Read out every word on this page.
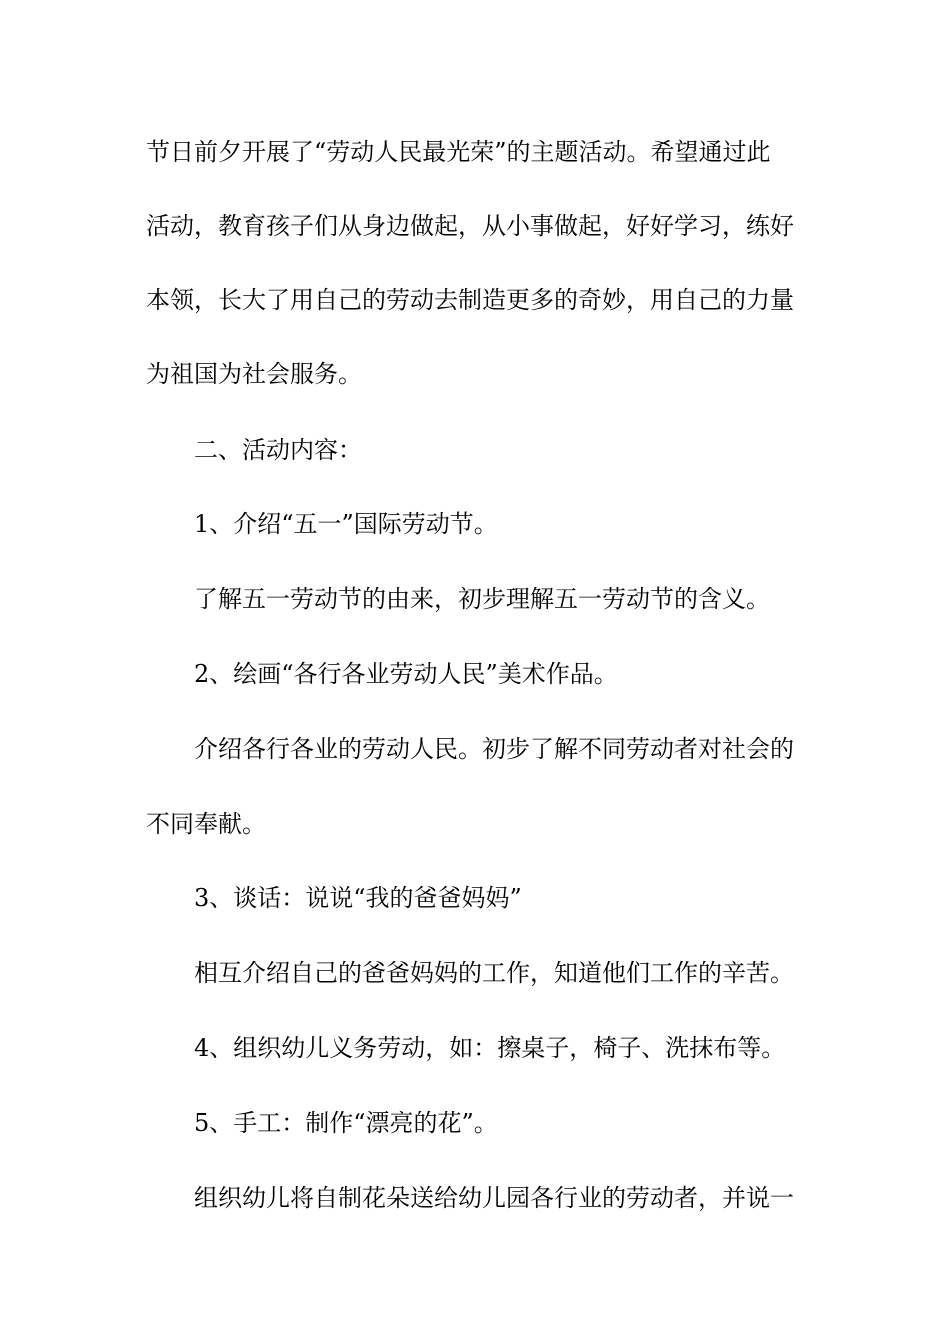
节日前夕开展了“劳动人民最光荣”的主题活动。希望通过此
活动，教育孩子们从身边做起，从小事做起，好好学习，练好
本领，长大了用自己的劳动去制造更多的奇妙，用自己的力量
为祖国为社会服务。
二、活动内容：
1、介绍“五一”国际劳动节。
了解五一劳动节的由来，初步理解五一劳动节的含义。
2、绘画“各行各业劳动人民”美术作品。
介绍各行各业的劳动人民。初步了解不同劳动者对社会的
不同奉献。
3、谈话：说说“我的爸爸妈妈”
相互介绍自己的爸爸妈妈的工作，知道他们工作的辛苦。
4、组织幼儿义务劳动，如：擦桌子，椅子、洗抹布等。
5、手工：制作“漂亮的花”。
组织幼儿将自制花朵送给幼儿园各行业的劳动者，并说一
